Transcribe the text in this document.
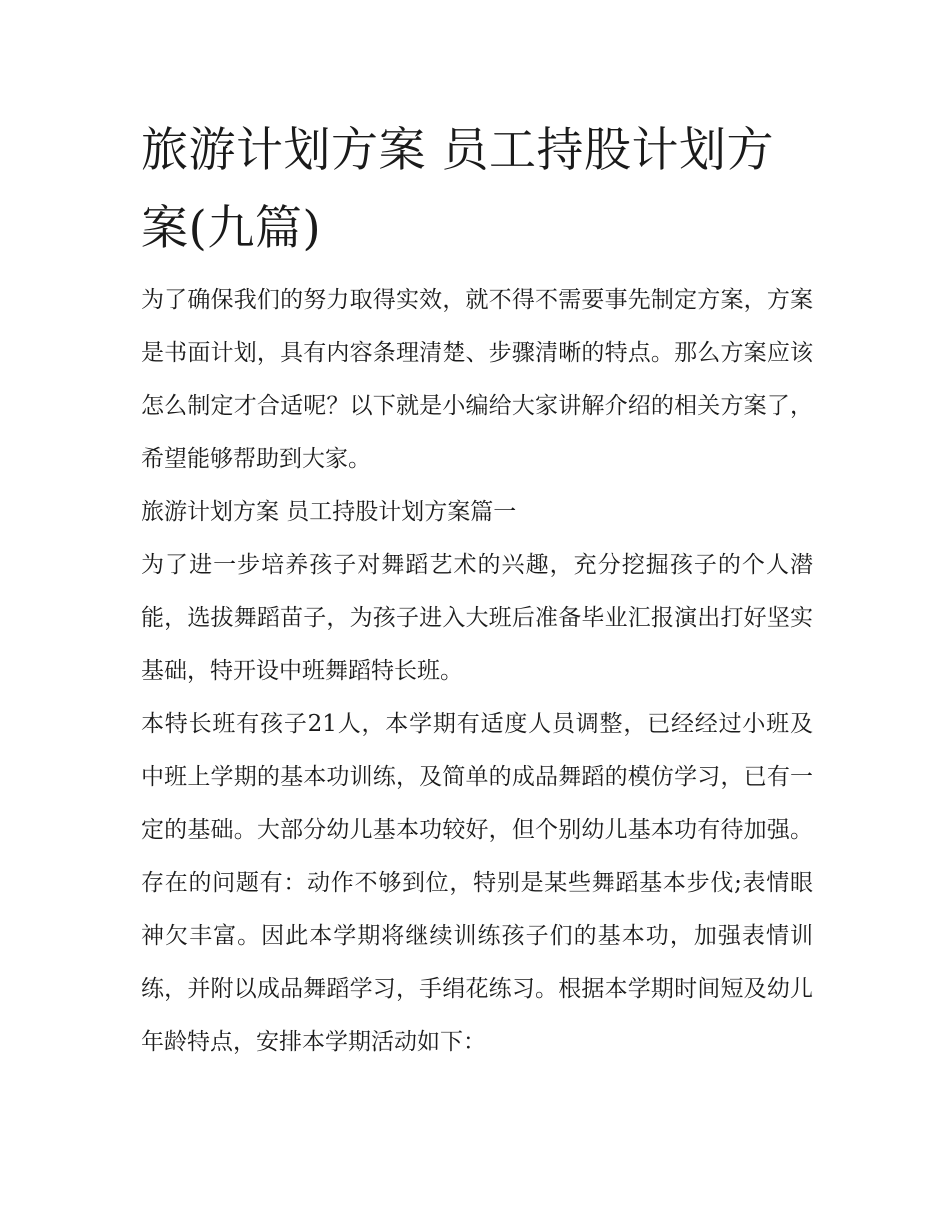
旅游计划方案 员工持股计划方案(九篇)

为了确保我们的努力取得实效，就不得不需要事先制定方案，方案是书面计划，具有内容条理清楚、步骤清晰的特点。那么方案应该怎么制定才合适呢？以下就是小编给大家讲解介绍的相关方案了，希望能够帮助到大家。

旅游计划方案 员工持股计划方案篇一

为了进一步培养孩子对舞蹈艺术的兴趣，充分挖掘孩子的个人潜能，选拔舞蹈苗子，为孩子进入大班后准备毕业汇报演出打好坚实基础，特开设中班舞蹈特长班。

本特长班有孩子21人，本学期有适度人员调整，已经经过小班及中班上学期的基本功训练，及简单的成品舞蹈的模仿学习，已有一定的基础。大部分幼儿基本功较好，但个别幼儿基本功有待加强。存在的问题有：动作不够到位，特别是某些舞蹈基本步伐;表情眼神欠丰富。因此本学期将继续训练孩子们的基本功，加强表情训练，并附以成品舞蹈学习，手绢花练习。根据本学期时间短及幼儿年龄特点，安排本学期活动如下：
